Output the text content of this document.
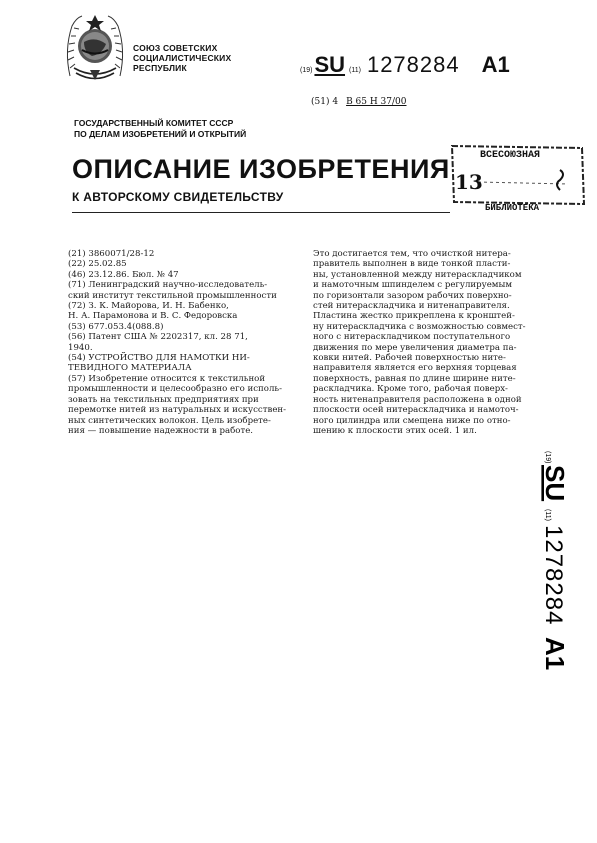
СОЮЗ СОВЕТСКИХ
СОЦИАЛИСТИЧЕСКИХ
РЕСПУБЛИК	(19)SU (11) 1278284 A1
(51) 4 B 65 H 37/00
ГОСУДАРСТВЕННЫЙ КОМИТЕТ СССР
ПО ДЕЛАМ ИЗОБРЕТЕНИЙ И ОТКРЫТИЙ
ВСЕСОЮЗНАЯ
13
БИБЛИОТЕКА
ОПИСАНИЕ ИЗОБРЕТЕНИЯ
К АВТОРСКОМУ СВИДЕТЕЛЬСТВУ
(21) 3860071/28-12
(22) 25.02.85
(46) 23.12.86. Бюл. № 47
(71) Ленинградский научно-исследователь-
ский институт текстильной промышленности
(72) З. К. Майорова, И. Н. Бабенко,
Н. А. Парамонова и В. С. Федоровска
(53) 677.053.4(088.8)
(56) Патент США № 2202317, кл. 28 71,
1940.
(54) УСТРОЙСТВО ДЛЯ НАМОТКИ НИ-
ТЕВИДНОГО МАТЕРИАЛА
(57) Изобретение относится к текстильной
промышленности и целесообразно его исполь-
зовать на текстильных предприятиях при
перемотке нитей из натуральных и искусствен-
ных синтетических волокон. Цель изобрете-
ния — повышение надежности в работе.
Это достигается тем, что очисткой нитера-
правитель выполнен в виде тонкой пласти-
ны, установленной между нитераскладчиком
и намоточным шпинделем с регулируемым
по горизонтали зазором рабочих поверхно-
стей нитераскладчика и нитенаправителя.
Пластина жестко прикреплена к кронштей-
ну нитераскладчика с возможностью совмест-
ного с нитераскладчиком поступательного
движения по мере увеличения диаметра па-
ковки нитей. Рабочей поверхностью ните-
направителя является его верхняя торцевая
поверхность, равная по длине ширине нитe-
раскладчика. Кроме того, рабочая поверх-
ность нитенаправителя расположена в одной
плоскости осей нитераскладчика и намоточ-
ного цилиндра или смещена ниже по отно-
шению к плоскости этих осей. 1 ил.
(19)
SU
(11)
1278284
A1
